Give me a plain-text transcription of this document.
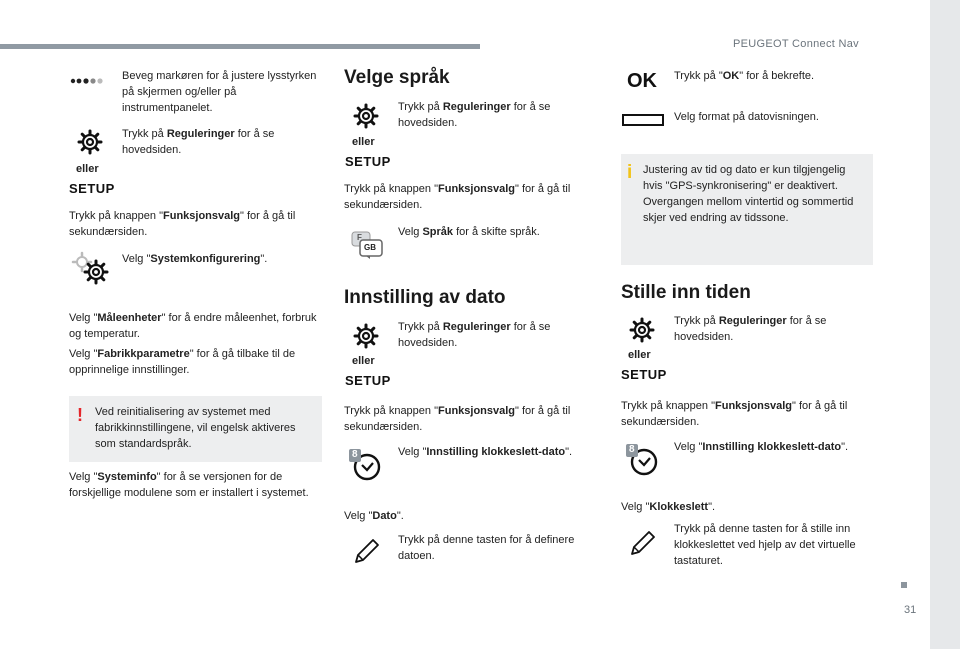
PEUGEOT Connect Nav
31
Beveg markøren for å justere lysstyrken på skjermen og/eller på instrumentpanelet.
Trykk på Reguleringer for å se hovedsiden.
eller
SETUP
Trykk på knappen "Funksjonsvalg" for å gå til sekundærsiden.
Velg "Systemkonfigurering".
Velg "Måleenheter" for å endre måleenhet, forbruk og temperatur.
Velg "Fabrikkparametre" for å gå tilbake til de opprinnelige innstillinger.
! Ved reinitialisering av systemet med fabrikkinnstillingene, vil engelsk aktiveres som standardspråk.
Velg "Systeminfo" for å se versjonen for de forskjellige modulene som er installert i systemet.
Velge språk
Trykk på Reguleringer for å se hovedsiden.
eller
SETUP
Trykk på knappen "Funksjonsvalg" for å gå til sekundærsiden.
F
GB
Velg Språk for å skifte språk.
Innstilling av dato
Trykk på Reguleringer for å se hovedsiden.
eller
SETUP
Trykk på knappen "Funksjonsvalg" for å gå til sekundærsiden.
8	Velg "Innstilling klokkeslett-dato".
Velg "Dato".
Trykk på denne tasten for å definere datoen.
OK Trykk på "OK" for å bekrefte.
Velg format på datovisningen.
i Justering av tid og dato er kun tilgjengelig hvis "GPS-synkronisering" er deaktivert. Overgangen mellom vintertid og sommertid skjer ved endring av tidssone.
Stille inn tiden
Trykk på Reguleringer for å se hovedsiden.
eller
SETUP
Trykk på knappen "Funksjonsvalg" for å gå til sekundærsiden.
8	Velg "Innstilling klokkeslett-dato".
Velg "Klokkeslett".
Trykk på denne tasten for å stille inn klokkeslettet ved hjelp av det virtuelle tastaturet.
